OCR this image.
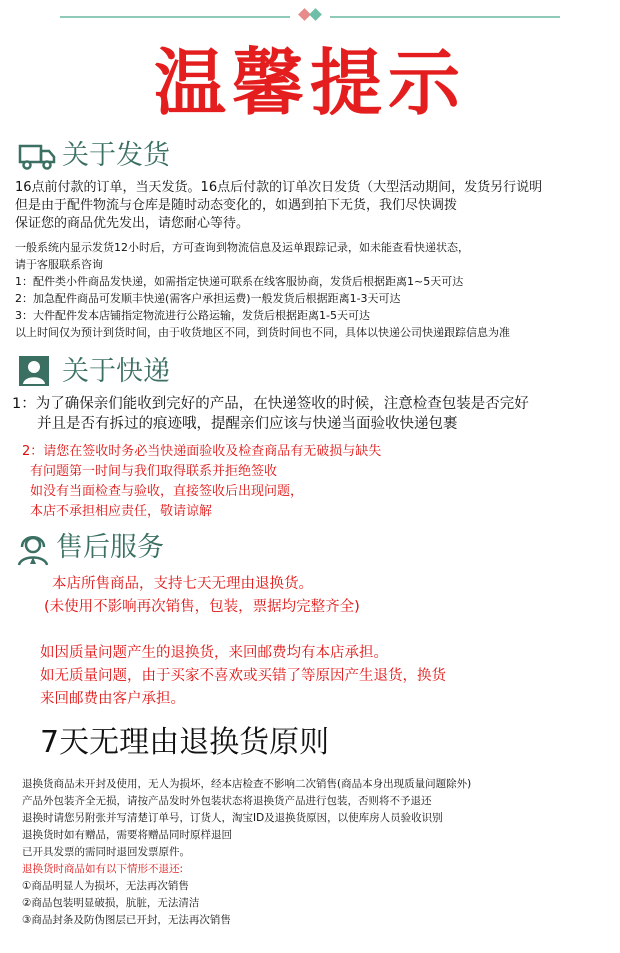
温馨提示
关于发货
16点前付款的订单，当天发货。16点后付款的订单次日发货（大型活动期间，发货另行说明
但是由于配件物流与仓库是随时动态变化的，如遇到拍下无货，我们尽快调拨
保证您的商品优先发出，请您耐心等待。
一般系统内显示发货12小时后，方可查询到物流信息及运单跟踪记录，如未能查看快递状态，
请于客服联系咨询
1：配件类小件商品发快递，如需指定快递可联系在线客服协商，发货后根据距离1~5天可达
2：加急配件商品可发顺丰快递(需客户承担运费)一般发货后根据距离1-3天可达
3：大件配件发本店铺指定物流进行公路运输，发货后根据距离1-5天可达
以上时间仅为预计到货时间，由于收货地区不同，到货时间也不同，具体以快递公司快递跟踪信息为准
关于快递
1：为了确保亲们能收到完好的产品，在快递签收的时候，注意检查包装是否完好
并且是否有拆过的痕迹哦，提醒亲们应该与快递当面验收快递包裹
2：请您在签收时务必当快递面验收及检查商品有无破损与缺失
有问题第一时间与我们取得联系并拒绝签收
如没有当面检查与验收，直接签收后出现问题，
本店不承担相应责任，敬请谅解
售后服务
本店所售商品，支持七天无理由退换货。
(未使用不影响再次销售，包装，票据均完整齐全)
如因质量问题产生的退换货，来回邮费均有本店承担。
如无质量问题，由于买家不喜欢或买错了等原因产生退货，换货
来回邮费由客户承担。
7天无理由退换货原则
退换货商品未开封及使用，无人为损坏，经本店检查不影响二次销售(商品本身出现质量问题除外)
产品外包装齐全无损，请按产品发时外包装状态将退换货产品进行包装，否则将不予退还
退换时请您另附张并写清楚订单号，订货人，淘宝ID及退换货原因，以使库房人员验收识别
退换货时如有赠品，需要将赠品同时原样退回
已开具发票的需同时退回发票原件。
退换货时商品如有以下情形不退还:
①商品明显人为损坏，无法再次销售
②商品包装明显破损，肮脏，无法清洁
③商品封条及防伪图层已开封，无法再次销售
